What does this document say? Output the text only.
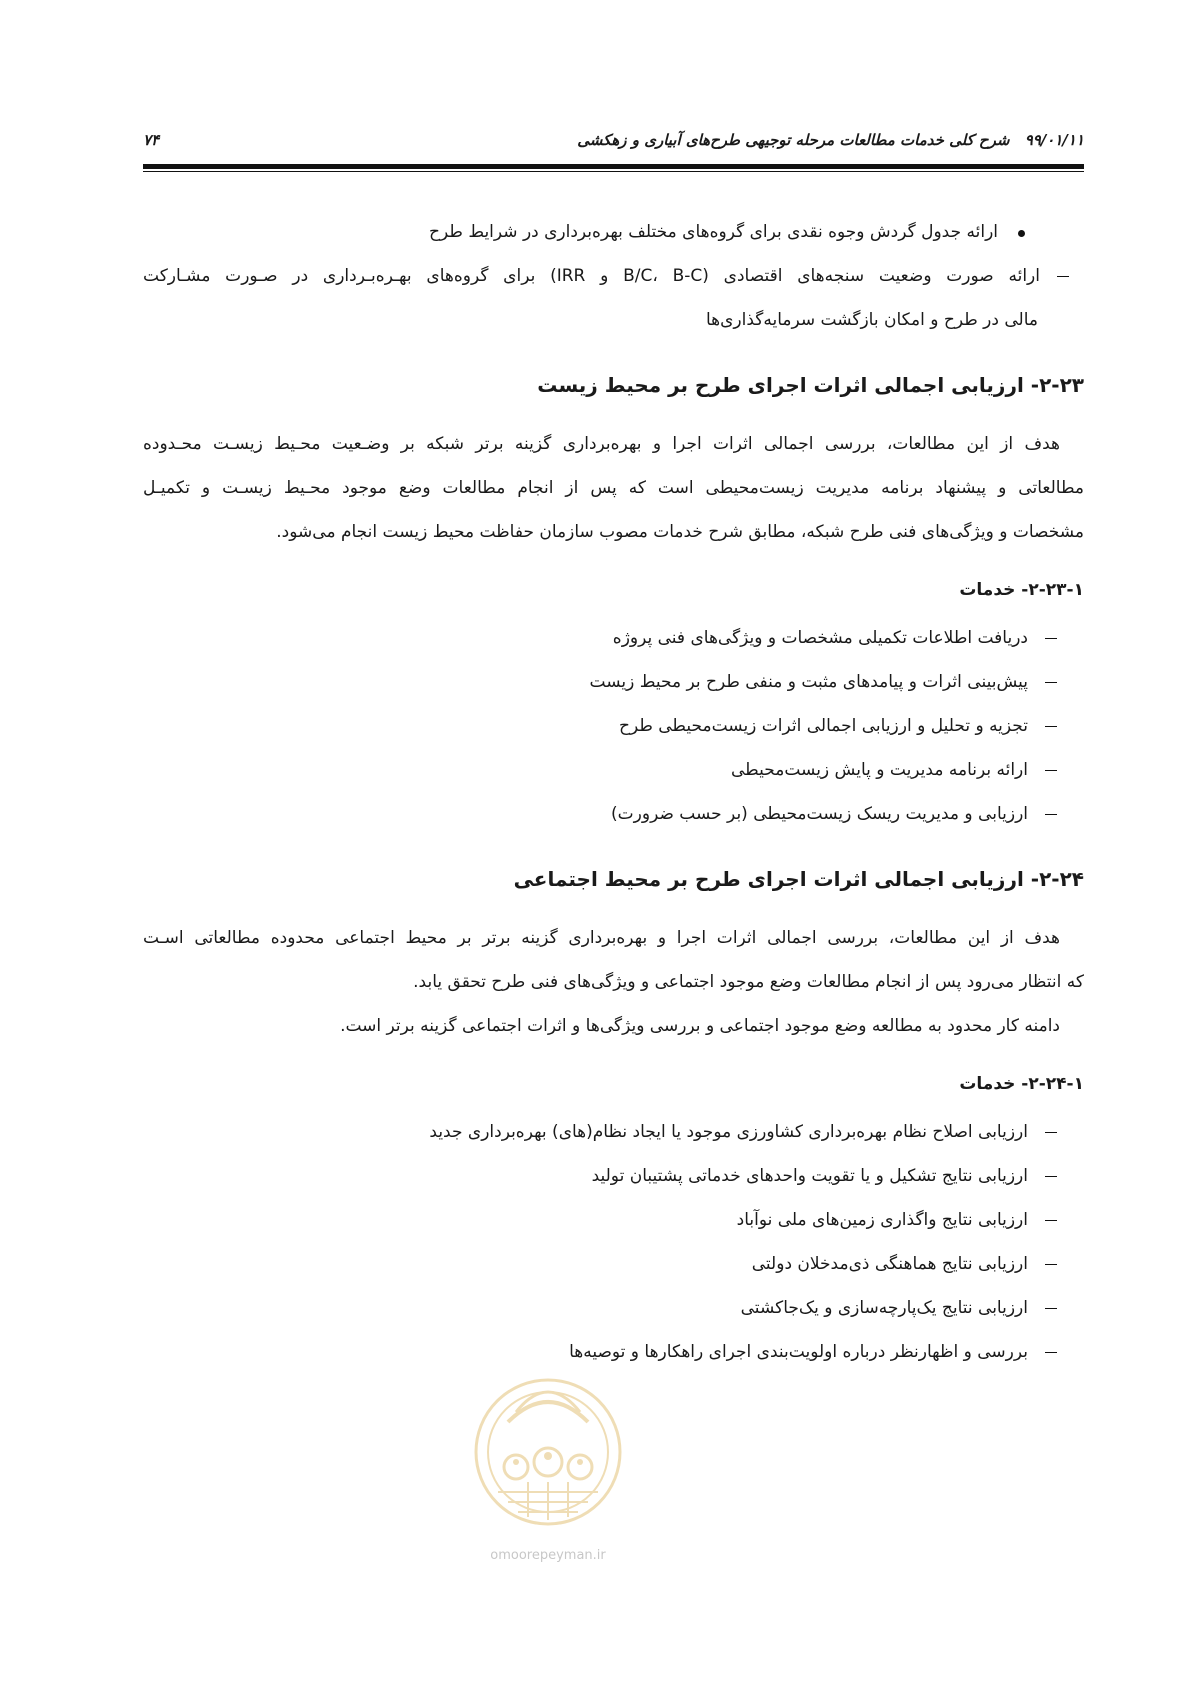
۹۹/۰۱/۱۱ شرح کلی خدمات مطالعات مرحله توجیهی طرح‌های آبیاری و زهکشی
۷۴
ارائه جدول گردش وجوه نقدی برای گروه‌های مختلف بهره‌برداری در شرایط طرح
ارائه صورت وضعیت سنجه‌های اقتصادی (B/C، B-C و IRR) برای گروه‌های بهـره‌بـرداری در صـورت مشـارکت
مالی در طرح و امکان بازگشت سرمایه‌گذاری‌ها
۲-۲۳- ارزیابی اجمالی اثرات اجرای طرح بر محیط زیست
هدف از این مطالعات، بررسی اجمالی اثرات اجرا و بهره‌برداری گزینه برتر شبکه بر وضـعیت محـیط زیسـت محـدوده
مطالعاتی و پیشنهاد برنامه مدیریت زیست‌محیطی است که پس از انجام مطالعات وضع موجود محـیط زیسـت و تکمیـل
مشخصات و ویژگی‌های فنی طرح شبکه، مطابق شرح خدمات مصوب سازمان حفاظت محیط زیست انجام می‌شود.
۲-۲۳-۱- خدمات
دریافت اطلاعات تکمیلی مشخصات و ویژگی‌های فنی پروژه
پیش‌بینی اثرات و پیامدهای مثبت و منفی طرح بر محیط زیست
تجزیه و تحلیل و ارزیابی اجمالی اثرات زیست‌محیطی طرح
ارائه برنامه مدیریت و پایش زیست‌محیطی
ارزیابی و مدیریت ریسک زیست‌محیطی (بر حسب ضرورت)
۲-۲۴- ارزیابی اجمالی اثرات اجرای طرح بر محیط اجتماعی
هدف از این مطالعات، بررسی اجمالی اثرات اجرا و بهره‌برداری گزینه برتر بر محیط اجتماعی محدوده مطالعاتی اسـت
که انتظار می‌رود پس از انجام مطالعات وضع موجود اجتماعی و ویژگی‌های فنی طرح تحقق یابد.
دامنه کار محدود به مطالعه وضع موجود اجتماعی و بررسی ویژگی‌ها و اثرات اجتماعی گزینه برتر است.
۲-۲۴-۱- خدمات
ارزیابی اصلاح نظام بهره‌برداری کشاورزی موجود یا ایجاد نظام(های) بهره‌برداری جدید
ارزیابی نتایج تشکیل و یا تقویت واحدهای خدماتی پشتیبان تولید
ارزیابی نتایج واگذاری زمین‌های ملی نوآباد
ارزیابی نتایج هماهنگی ذی‌مدخلان دولتی
ارزیابی نتایج یک‌پارچه‌سازی و یک‌جاکشتی
بررسی و اظهارنظر درباره اولویت‌بندی اجرای راهکارها و توصیه‌ها
omoorepeyman.ir
